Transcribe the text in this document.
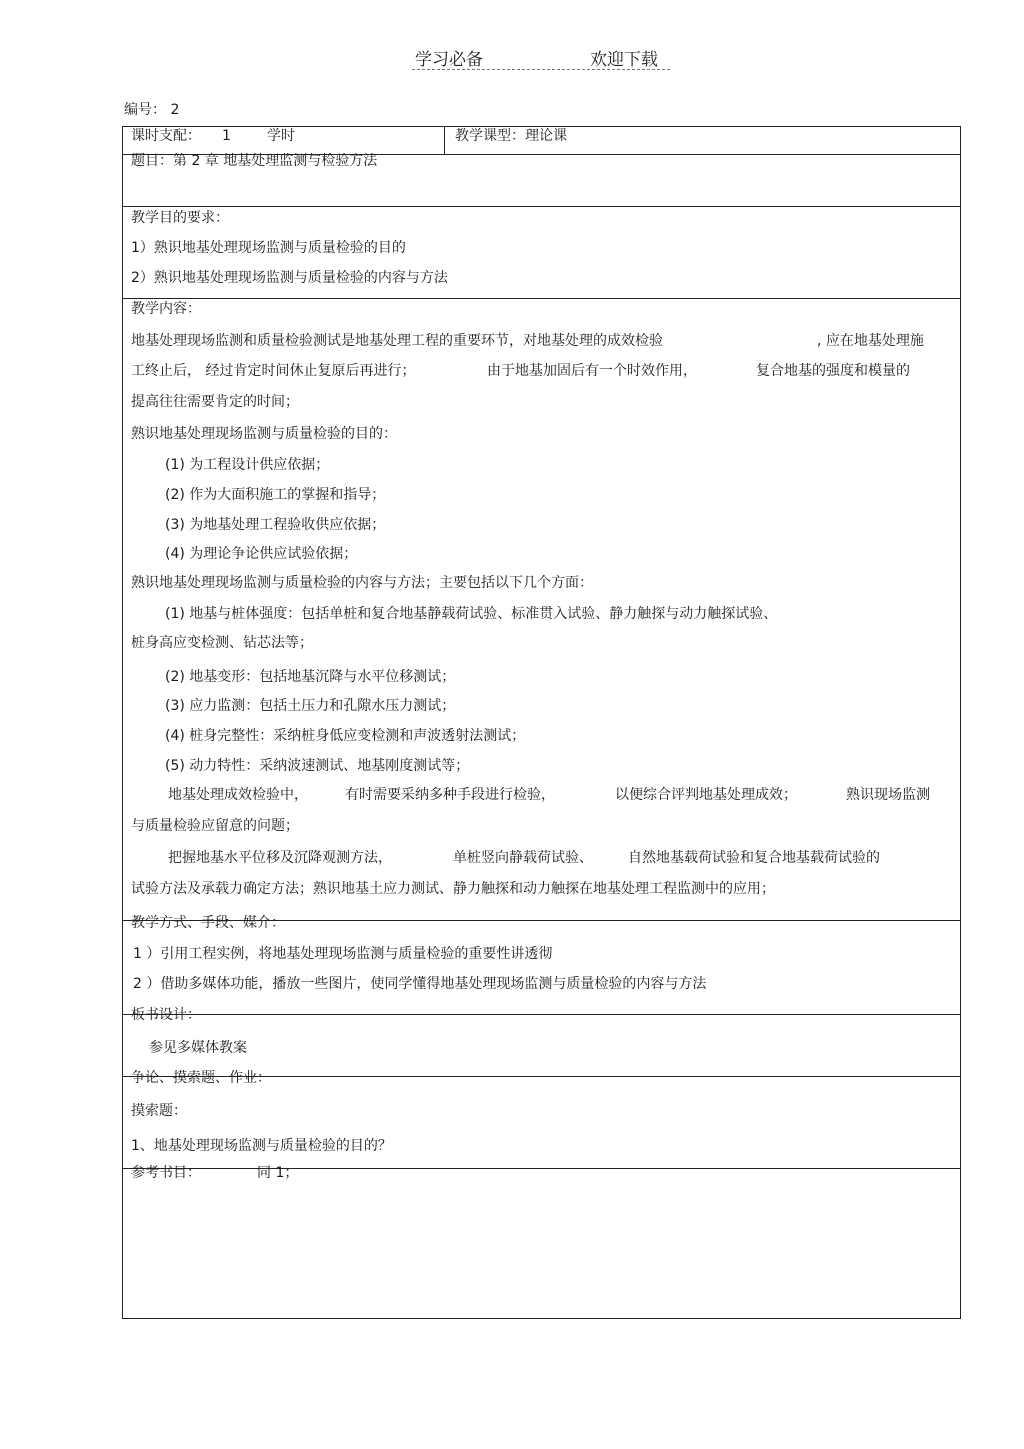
学习必备	欢迎下载
编号： 2
课时支配： 1	学时	教学课型：理论课
题目：第 2 章 地基处理监测与检验方法
教学目的要求：
1）熟识地基处理现场监测与质量检验的目的
2）熟识地基处理现场监测与质量检验的内容与方法
教学内容：
地基处理现场监测和质量检验测试是地基处理工程的重要环节，对地基处理的成效检验	, 应在地基处理施
工终止后， 经过肯定时间休止复原后再进行；	由于地基加固后有一个时效作用，	复合地基的强度和模量的
提高往往需要肯定的时间；
熟识地基处理现场监测与质量检验的目的：
(1) 为工程设计供应依据；
(2) 作为大面积施工的掌握和指导；
(3) 为地基处理工程验收供应依据；
(4) 为理论争论供应试验依据；
熟识地基处理现场监测与质量检验的内容与方法；主要包括以下几个方面：
(1) 地基与桩体强度：包括单桩和复合地基静载荷试验、标准贯入试验、静力触探与动力触探试验、
桩身高应变检测、钻芯法等；
(2) 地基变形：包括地基沉降与水平位移测试；
(3) 应力监测：包括土压力和孔隙水压力测试；
(4) 桩身完整性：采纳桩身低应变检测和声波透射法测试；
(5) 动力特性：采纳波速测试、地基刚度测试等；
地基处理成效检验中，	有时需要采纳多种手段进行检验，	以便综合评判地基处理成效；	熟识现场监测
与质量检验应留意的问题；
把握地基水平位移及沉降观测方法，	单桩竖向静载荷试验、	自然地基载荷试验和复合地基载荷试验的
试验方法及承载力确定方法；熟识地基土应力测试、静力触探和动力触探在地基处理工程监测中的应用；
教学方式、手段、媒介：
1 ）引用工程实例，将地基处理现场监测与质量检验的重要性讲透彻
2 ）借助多媒体功能，播放一些图片，使同学懂得地基处理现场监测与质量检验的内容与方法
板书设计：
参见多媒体教案
争论、摸索题、作业：
摸索题：
1、地基处理现场监测与质量检验的目的？
参考书目：	同 1；
